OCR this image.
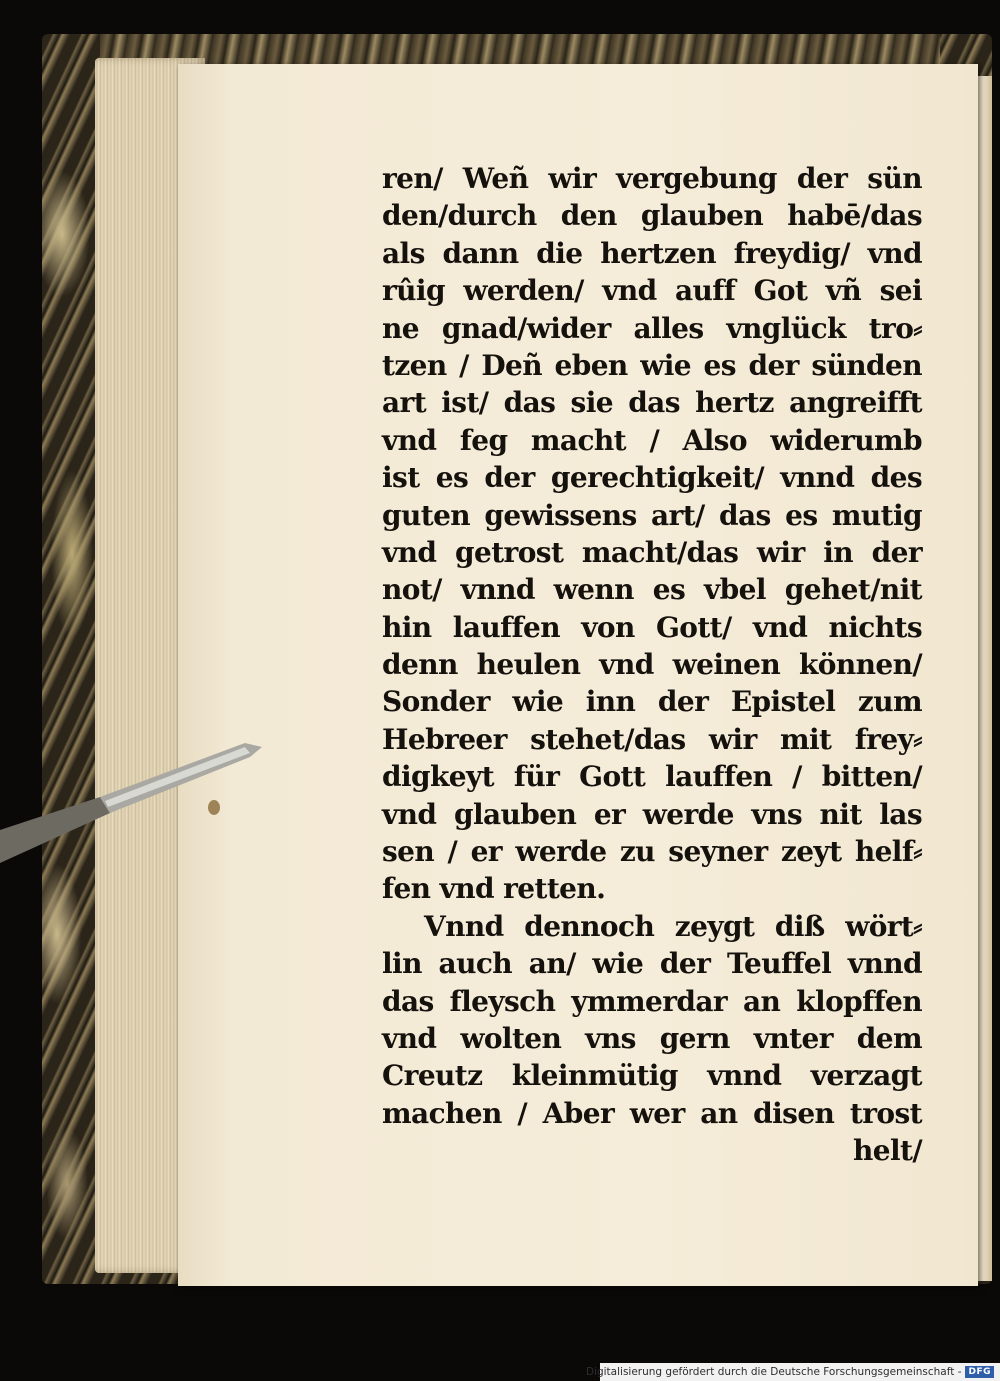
ren/ Weñ wir vergebung der sün
den/durch den glauben habē/das
als dann die hertzen freydig/ vnd
rûig werden/ vnd auff Got vñ sei
ne gnad/wider alles vnglück tro⸗
tzen / Deñ eben wie es der sünden
art ist/ das sie das hertz angreifft
vnd feg macht / Also widerumb
ist es der gerechtigkeit/ vnnd des
guten gewissens art/ das es mutig
vnd getrost macht/das wir in der
not/ vnnd wenn es vbel gehet/nit
hin lauffen von Gott/ vnd nichts
denn heulen vnd weinen können/
Sonder wie inn der Epistel zum
Hebreer stehet/das wir mit frey⸗
digkeyt für Gott lauffen / bitten/
vnd glauben er werde vns nit las
sen / er werde zu seyner zeyt helf⸗
fen vnd retten.
Vnnd dennoch zeygt diß wört⸗
lin auch an/ wie der Teuffel vnnd
das fleysch ymmerdar an klopffen
vnd wolten vns gern vnter dem
Creutz kleinmütig vnnd verzagt
machen / Aber wer an disen trost
helt/
Digitalisierung gefördert durch die Deutsche Forschungsgemeinschaft - DFG
